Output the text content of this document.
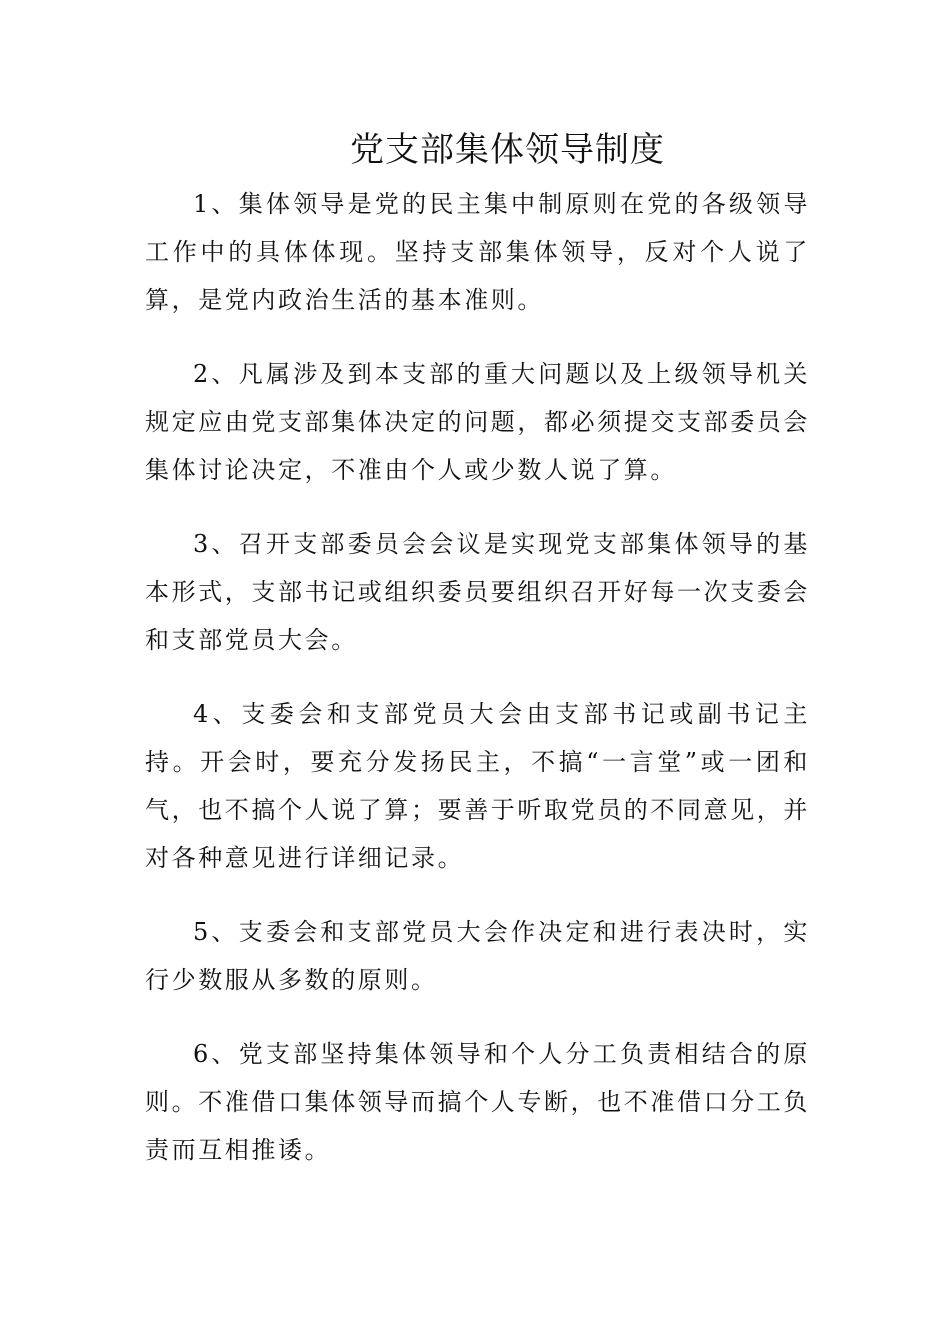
党支部集体领导制度

1、集体领导是党的民主集中制原则在党的各级领导工作中的具体体现。坚持支部集体领导，反对个人说了算，是党内政治生活的基本准则。

2、凡属涉及到本支部的重大问题以及上级领导机关规定应由党支部集体决定的问题，都必须提交支部委员会集体讨论决定，不准由个人或少数人说了算。

3、召开支部委员会会议是实现党支部集体领导的基本形式，支部书记或组织委员要组织召开好每一次支委会和支部党员大会。

4、支委会和支部党员大会由支部书记或副书记主持。开会时，要充分发扬民主，不搞“一言堂”或一团和气，也不搞个人说了算；要善于听取党员的不同意见，并对各种意见进行详细记录。

5、支委会和支部党员大会作决定和进行表决时，实行少数服从多数的原则。

6、党支部坚持集体领导和个人分工负责相结合的原则。不准借口集体领导而搞个人专断，也不准借口分工负责而互相推诿。
